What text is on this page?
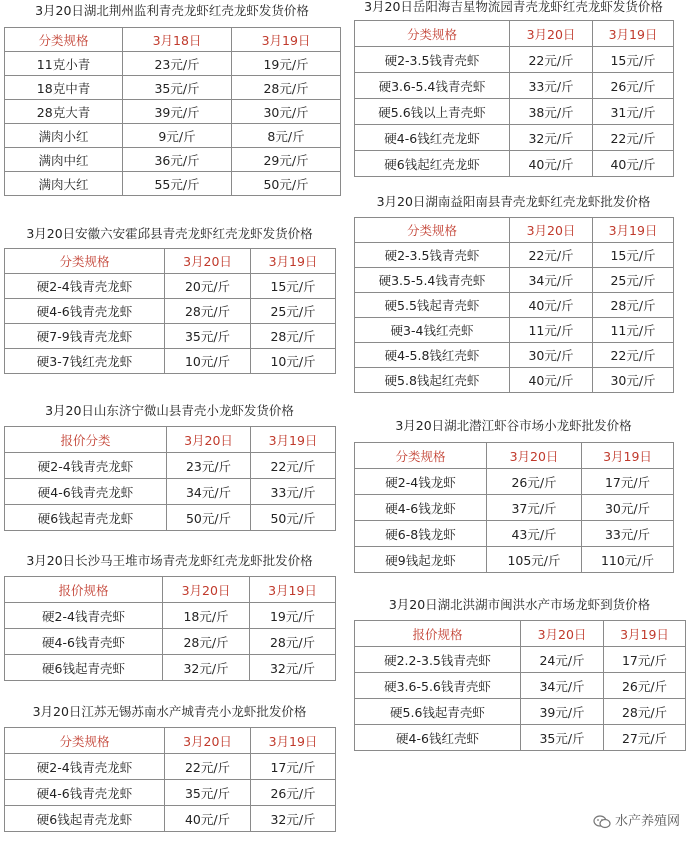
3月20日湖北荆州监利青壳龙虾红壳龙虾发货价格
分类规格	3月18日	3月19日
11克小青	23元/斤	19元/斤
18克中青	35元/斤	28元/斤
28克大青	39元/斤	30元/斤
满肉小红	9元/斤	8元/斤
满肉中红	36元/斤	29元/斤
满肉大红	55元/斤	50元/斤
3月20日安徽六安霍邱县青壳龙虾红壳龙虾发货价格
分类规格	3月20日	3月19日
硬2-4钱青壳龙虾	20元/斤	15元/斤
硬4-6钱青壳龙虾	28元/斤	25元/斤
硬7-9钱青壳龙虾	35元/斤	28元/斤
硬3-7钱红壳龙虾	10元/斤	10元/斤
3月20日山东济宁微山县青壳小龙虾发货价格
报价分类	3月20日	3月19日
硬2-4钱青壳龙虾	23元/斤	22元/斤
硬4-6钱青壳龙虾	34元/斤	33元/斤
硬6钱起青壳龙虾	50元/斤	50元/斤
3月20日长沙马王堆市场青壳龙虾红壳龙虾批发价格
报价规格	3月20日	3月19日
硬2-4钱青壳虾	18元/斤	19元/斤
硬4-6钱青壳虾	28元/斤	28元/斤
硬6钱起青壳虾	32元/斤	32元/斤
3月20日江苏无锡苏南水产城青壳小龙虾批发价格
分类规格	3月20日	3月19日
硬2-4钱青壳龙虾	22元/斤	17元/斤
硬4-6钱青壳龙虾	35元/斤	26元/斤
硬6钱起青壳龙虾	40元/斤	32元/斤
3月20日岳阳海吉星物流园青壳龙虾红壳龙虾发货价格
分类规格	3月20日	3月19日
硬2-3.5钱青壳虾	22元/斤	15元/斤
硬3.6-5.4钱青壳虾	33元/斤	26元/斤
硬5.6钱以上青壳虾	38元/斤	31元/斤
硬4-6钱红壳龙虾	32元/斤	22元/斤
硬6钱起红壳龙虾	40元/斤	40元/斤
3月20日湖南益阳南县青壳龙虾红壳龙虾批发价格
分类规格	3月20日	3月19日
硬2-3.5钱青壳虾	22元/斤	15元/斤
硬3.5-5.4钱青壳虾	34元/斤	25元/斤
硬5.5钱起青壳虾	40元/斤	28元/斤
硬3-4钱红壳虾	11元/斤	11元/斤
硬4-5.8钱红壳虾	30元/斤	22元/斤
硬5.8钱起红壳虾	40元/斤	30元/斤
3月20日湖北潜江虾谷市场小龙虾批发价格
分类规格	3月20日	3月19日
硬2-4钱龙虾	26元/斤	17元/斤
硬4-6钱龙虾	37元/斤	30元/斤
硬6-8钱龙虾	43元/斤	33元/斤
硬9钱起龙虾	105元/斤	110元/斤
3月20日湖北洪湖市闽洪水产市场龙虾到货价格
报价规格	3月20日	3月19日
硬2.2-3.5钱青壳虾	24元/斤	17元/斤
硬3.6-5.6钱青壳虾	34元/斤	26元/斤
硬5.6钱起青壳虾	39元/斤	28元/斤
硬4-6钱红壳虾	35元/斤	27元/斤
水产养殖网
